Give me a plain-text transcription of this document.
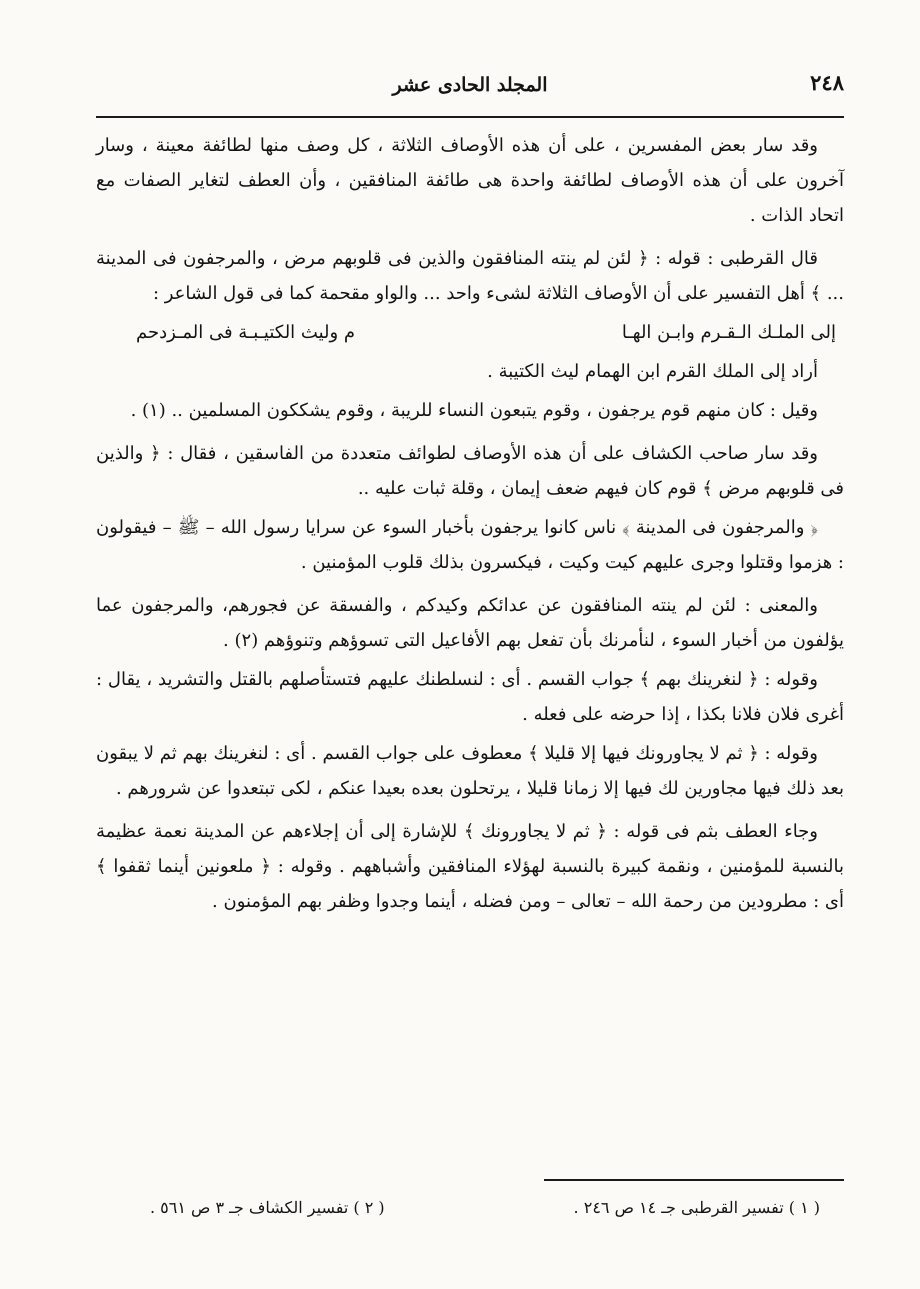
٢٤٨
المجلد الحادى عشر

وقد سار بعض المفسرين ، على أن هذه الأوصاف الثلاثة ، كل وصف منها لطائفة معينة ، وسار آخرون على أن هذه الأوصاف لطائفة واحدة هى طائفة المنافقين ، وأن العطف لتغاير الصفات مع اتحاد الذات .

قال القرطبى : قوله : ﴿ لئن لم ينته المنافقون والذين فى قلوبهم مرض ، والمرجفون فى المدينة ... ﴾ أهل التفسير على أن الأوصاف الثلاثة لشىء واحد ... والواو مقحمة كما فى قول الشاعر :

إلى الملـك الـقـرم وابـن الهـا
م وليث الكتيـبـة فى المـزدحم

أراد إلى الملك القرم ابن الهمام ليث الكتيبة .

وقيل : كان منهم قوم يرجفون ، وقوم يتبعون النساء للريبة ، وقوم يشككون المسلمين .. (١) .

وقد سار صاحب الكشاف على أن هذه الأوصاف لطوائف متعددة من الفاسقين ، فقال : ﴿ والذين فى قلوبهم مرض ﴾ قوم كان فيهم ضعف إيمان ، وقلة ثبات عليه ..

﴿ والمرجفون فى المدينة ﴾ ناس كانوا يرجفون بأخبار السوء عن سرايا رسول الله – ﷺ – فيقولون : هزموا وقتلوا وجرى عليهم كيت وكيت ، فيكسرون بذلك قلوب المؤمنين .

والمعنى : لئن لم ينته المنافقون عن عدائكم وكيدكم ، والفسقة عن فجورهم، والمرجفون عما يؤلفون من أخبار السوء ، لنأمرنك بأن تفعل بهم الأفاعيل التى تسوؤهم وتنوؤهم (٢) .

وقوله : ﴿ لنغرينك بهم ﴾ جواب القسم . أى : لنسلطنك عليهم فتستأصلهم بالقتل والتشريد ، يقال : أغرى فلان فلانا بكذا ، إذا حرضه على فعله .

وقوله : ﴿ ثم لا يجاورونك فيها إلا قليلا ﴾ معطوف على جواب القسم . أى : لنغرينك بهم ثم لا يبقون بعد ذلك فيها مجاورين لك فيها إلا زمانا قليلا ، يرتحلون بعده بعيدا عنكم ، لكى تبتعدوا عن شرورهم .

وجاء العطف بثم فى قوله : ﴿ ثم لا يجاورونك ﴾ للإشارة إلى أن إجلاءهم عن المدينة نعمة عظيمة بالنسبة للمؤمنين ، ونقمة كبيرة بالنسبة لهؤلاء المنافقين وأشباههم . وقوله : ﴿ ملعونين أينما ثقفوا ﴾ أى : مطرودين من رحمة الله – تعالى – ومن فضله ، أينما وجدوا وظفر بهم المؤمنون .

( ١ ) تفسير القرطبى جـ ١٤ ص ٢٤٦ .
( ٢ ) تفسير الكشاف جـ ٣ ص ٥٦١ .
